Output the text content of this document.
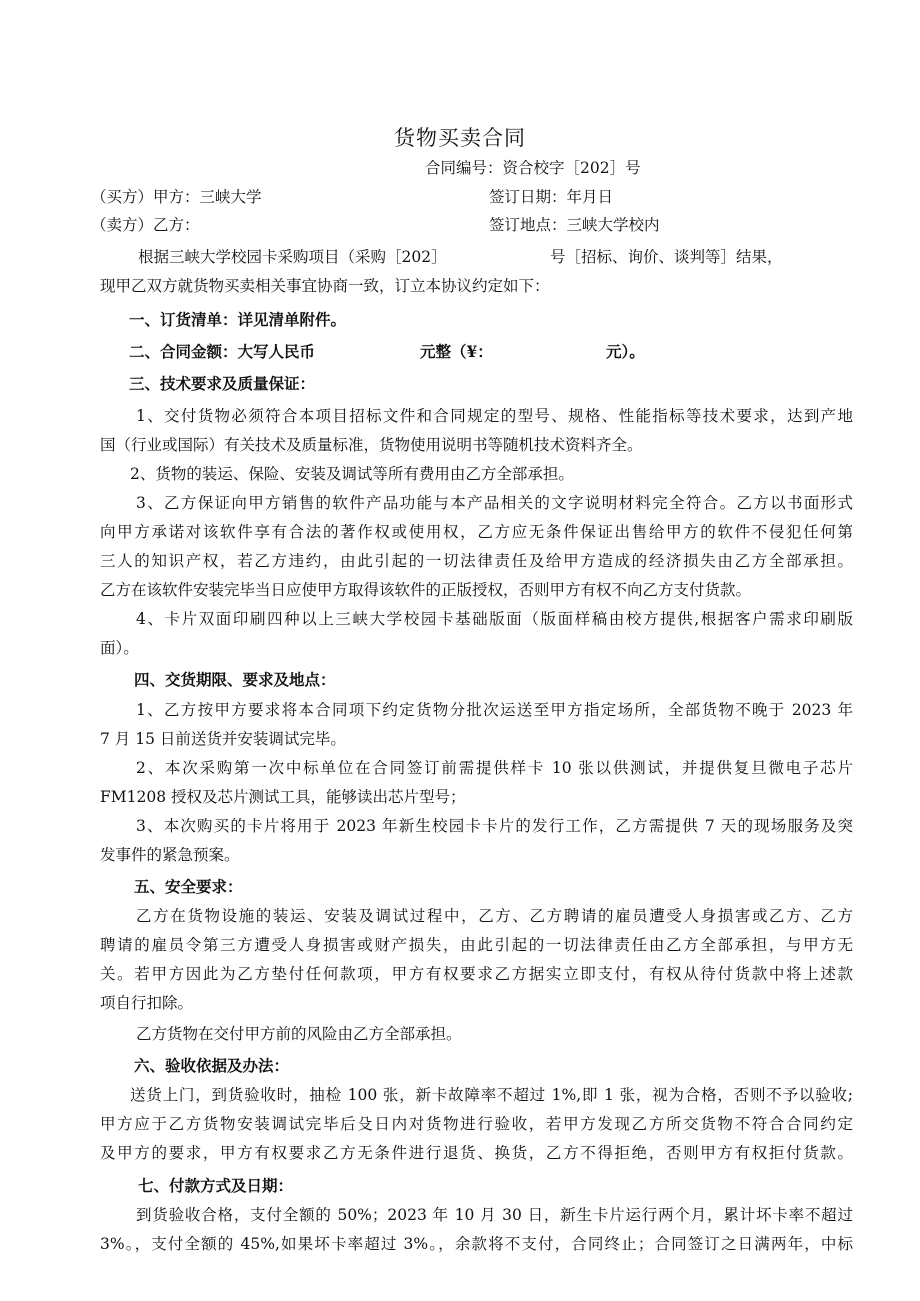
货物买卖合同
合同编号：资合校字［202］号
（买方）甲方：三峡大学	签订日期：年月日
（卖方）乙方：	签订地点：三峡大学校内
根据三峡大学校园卡采购项目（采购［202］	号［招标、询价、谈判等］结果，
现甲乙双方就货物买卖相关事宜协商一致，订立本协议约定如下：
一、订货清单：详见清单附件。
二、合同金额：大写人民币	元整（¥：	元）。
三、技术要求及质量保证：
1、交付货物必须符合本项目招标文件和合同规定的型号、规格、性能指标等技术要求，达到产地
国（行业或国际）有关技术及质量标准，货物使用说明书等随机技术资料齐全。
2、货物的装运、保险、安装及调试等所有费用由乙方全部承担。
3、乙方保证向甲方销售的软件产品功能与本产品相关的文字说明材料完全符合。乙方以书面形式
向甲方承诺对该软件享有合法的著作权或使用权，乙方应无条件保证出售给甲方的软件不侵犯任何第
三人的知识产权，若乙方违约，由此引起的一切法律责任及给甲方造成的经济损失由乙方全部承担。
乙方在该软件安装完毕当日应使甲方取得该软件的正版授权，否则甲方有权不向乙方支付货款。
4、卡片双面印刷四种以上三峡大学校园卡基础版面（版面样稿由校方提供,根据客户需求印刷版
面）。
四、交货期限、要求及地点：
1、乙方按甲方要求将本合同项下约定货物分批次运送至甲方指定场所，全部货物不晚于 2023 年
7 月 15 日前送货并安装调试完毕。
2、本次采购第一次中标单位在合同签订前需提供样卡 10 张以供测试，并提供复旦微电子芯片
FM1208 授权及芯片测试工具，能够读出芯片型号；
3、本次购买的卡片将用于 2023 年新生校园卡卡片的发行工作，乙方需提供 7 天的现场服务及突
发事件的紧急预案。
五、安全要求：
乙方在货物设施的装运、安装及调试过程中，乙方、乙方聘请的雇员遭受人身损害或乙方、乙方
聘请的雇员令第三方遭受人身损害或财产损失，由此引起的一切法律责任由乙方全部承担，与甲方无
关。若甲方因此为乙方垫付任何款项，甲方有权要求乙方据实立即支付，有权从待付货款中将上述款
项自行扣除。
乙方货物在交付甲方前的风险由乙方全部承担。
六、验收依据及办法：
送货上门，到货验收时，抽检 100 张，新卡故障率不超过 1%,即 1 张，视为合格，否则不予以验收;
甲方应于乙方货物安装调试完毕后殳日内对货物进行验收，若甲方发现乙方所交货物不符合合同约定
及甲方的要求，甲方有权要求乙方无条件进行退货、换货，乙方不得拒绝，否则甲方有权拒付货款。
七、付款方式及日期：
到货验收合格，支付全额的 50%；2023 年 10 月 30 日，新生卡片运行两个月，累计坏卡率不超过
3%。，支付全额的 45%,如果坏卡率超过 3%。，余款将不支付，合同终止；合同签订之日满两年，中标
